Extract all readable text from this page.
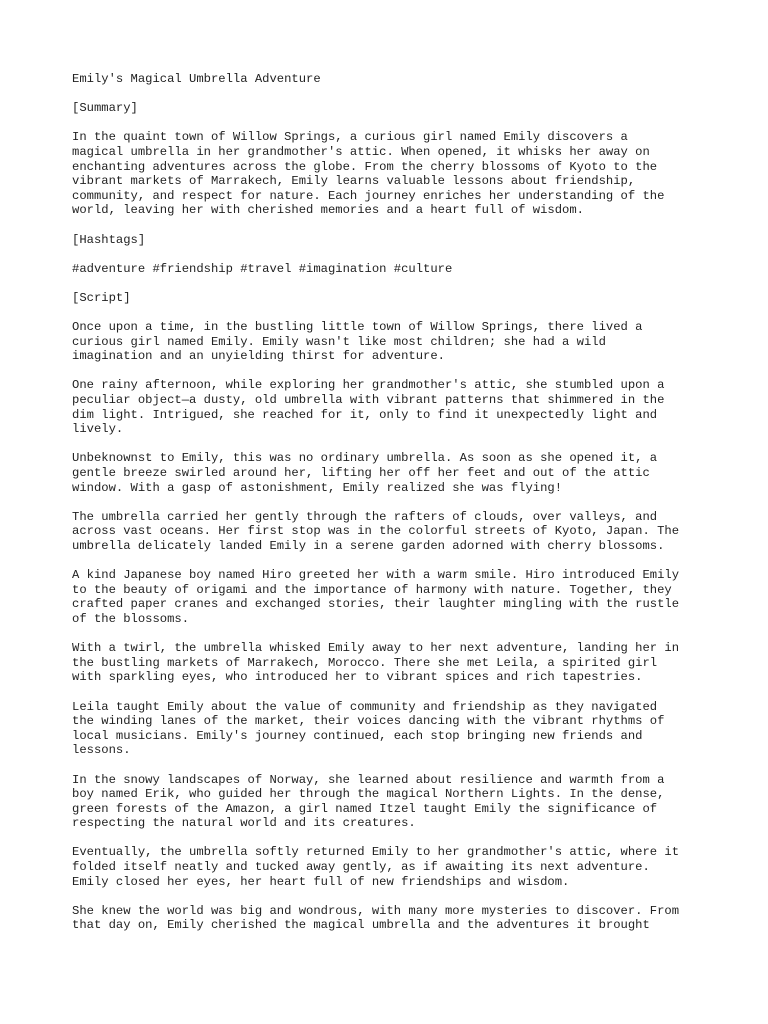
Emily's Magical Umbrella Adventure

[Summary]

In the quaint town of Willow Springs, a curious girl named Emily discovers a
magical umbrella in her grandmother's attic. When opened, it whisks her away on
enchanting adventures across the globe. From the cherry blossoms of Kyoto to the
vibrant markets of Marrakech, Emily learns valuable lessons about friendship,
community, and respect for nature. Each journey enriches her understanding of the
world, leaving her with cherished memories and a heart full of wisdom.

[Hashtags]

#adventure #friendship #travel #imagination #culture

[Script]

Once upon a time, in the bustling little town of Willow Springs, there lived a
curious girl named Emily. Emily wasn't like most children; she had a wild
imagination and an unyielding thirst for adventure.

One rainy afternoon, while exploring her grandmother's attic, she stumbled upon a
peculiar object—a dusty, old umbrella with vibrant patterns that shimmered in the
dim light. Intrigued, she reached for it, only to find it unexpectedly light and
lively.

Unbeknownst to Emily, this was no ordinary umbrella. As soon as she opened it, a
gentle breeze swirled around her, lifting her off her feet and out of the attic
window. With a gasp of astonishment, Emily realized she was flying!

The umbrella carried her gently through the rafters of clouds, over valleys, and
across vast oceans. Her first stop was in the colorful streets of Kyoto, Japan. The
umbrella delicately landed Emily in a serene garden adorned with cherry blossoms.

A kind Japanese boy named Hiro greeted her with a warm smile. Hiro introduced Emily
to the beauty of origami and the importance of harmony with nature. Together, they
crafted paper cranes and exchanged stories, their laughter mingling with the rustle
of the blossoms.

With a twirl, the umbrella whisked Emily away to her next adventure, landing her in
the bustling markets of Marrakech, Morocco. There she met Leila, a spirited girl
with sparkling eyes, who introduced her to vibrant spices and rich tapestries.

Leila taught Emily about the value of community and friendship as they navigated
the winding lanes of the market, their voices dancing with the vibrant rhythms of
local musicians. Emily's journey continued, each stop bringing new friends and
lessons.

In the snowy landscapes of Norway, she learned about resilience and warmth from a
boy named Erik, who guided her through the magical Northern Lights. In the dense,
green forests of the Amazon, a girl named Itzel taught Emily the significance of
respecting the natural world and its creatures.

Eventually, the umbrella softly returned Emily to her grandmother's attic, where it
folded itself neatly and tucked away gently, as if awaiting its next adventure.
Emily closed her eyes, her heart full of new friendships and wisdom.

She knew the world was big and wondrous, with many more mysteries to discover. From
that day on, Emily cherished the magical umbrella and the adventures it brought
